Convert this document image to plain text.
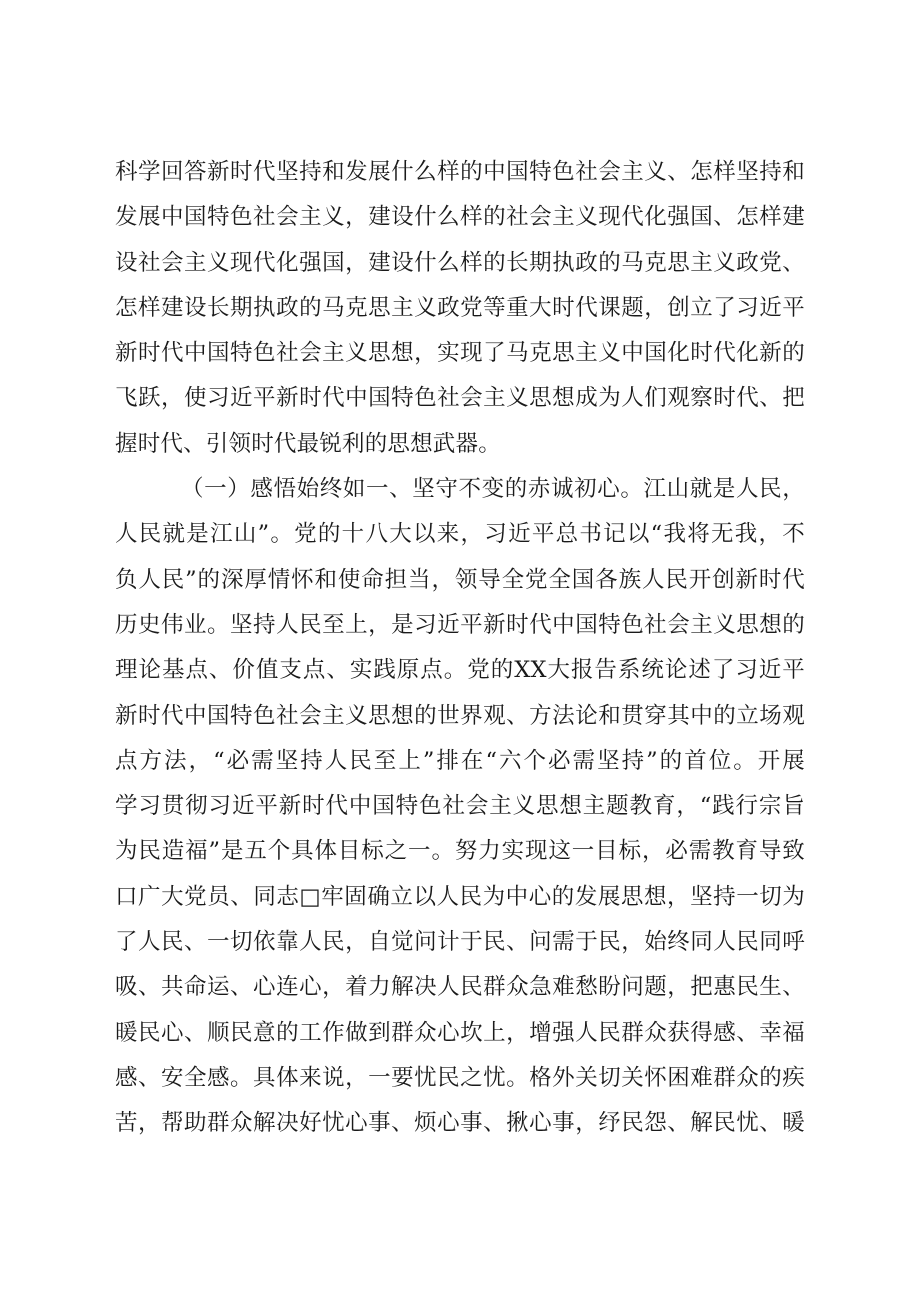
科学回答新时代坚持和发展什么样的中国特色社会主义、怎样坚持和
发展中国特色社会主义，建设什么样的社会主义现代化强国、怎样建
设社会主义现代化强国，建设什么样的长期执政的马克思主义政党、
怎样建设长期执政的马克思主义政党等重大时代课题，创立了习近平
新时代中国特色社会主义思想，实现了马克思主义中国化时代化新的
飞跃，使习近平新时代中国特色社会主义思想成为人们观察时代、把
握时代、引领时代最锐利的思想武器。
（一）感悟始终如一、坚守不变的赤诚初心。江山就是人民，
人民就是江山”。党的十八大以来，习近平总书记以“我将无我，不
负人民”的深厚情怀和使命担当，领导全党全国各族人民开创新时代
历史伟业。坚持人民至上，是习近平新时代中国特色社会主义思想的
理论基点、价值支点、实践原点。党的XX大报告系统论述了习近平
新时代中国特色社会主义思想的世界观、方法论和贯穿其中的立场观
点方法，“必需坚持人民至上”排在“六个必需坚持”的首位。开展
学习贯彻习近平新时代中国特色社会主义思想主题教育，“践行宗旨
为民造福”是五个具体目标之一。努力实现这一目标，必需教育导致
口广大党员、同志□牢固确立以人民为中心的发展思想，坚持一切为
了人民、一切依靠人民，自觉问计于民、问需于民，始终同人民同呼
吸、共命运、心连心，着力解决人民群众急难愁盼问题，把惠民生、
暖民心、顺民意的工作做到群众心坎上，增强人民群众获得感、幸福
感、安全感。具体来说，一要忧民之忧。格外关切关怀困难群众的疾
苦，帮助群众解决好忧心事、烦心事、揪心事，纾民怨、解民忧、暖
